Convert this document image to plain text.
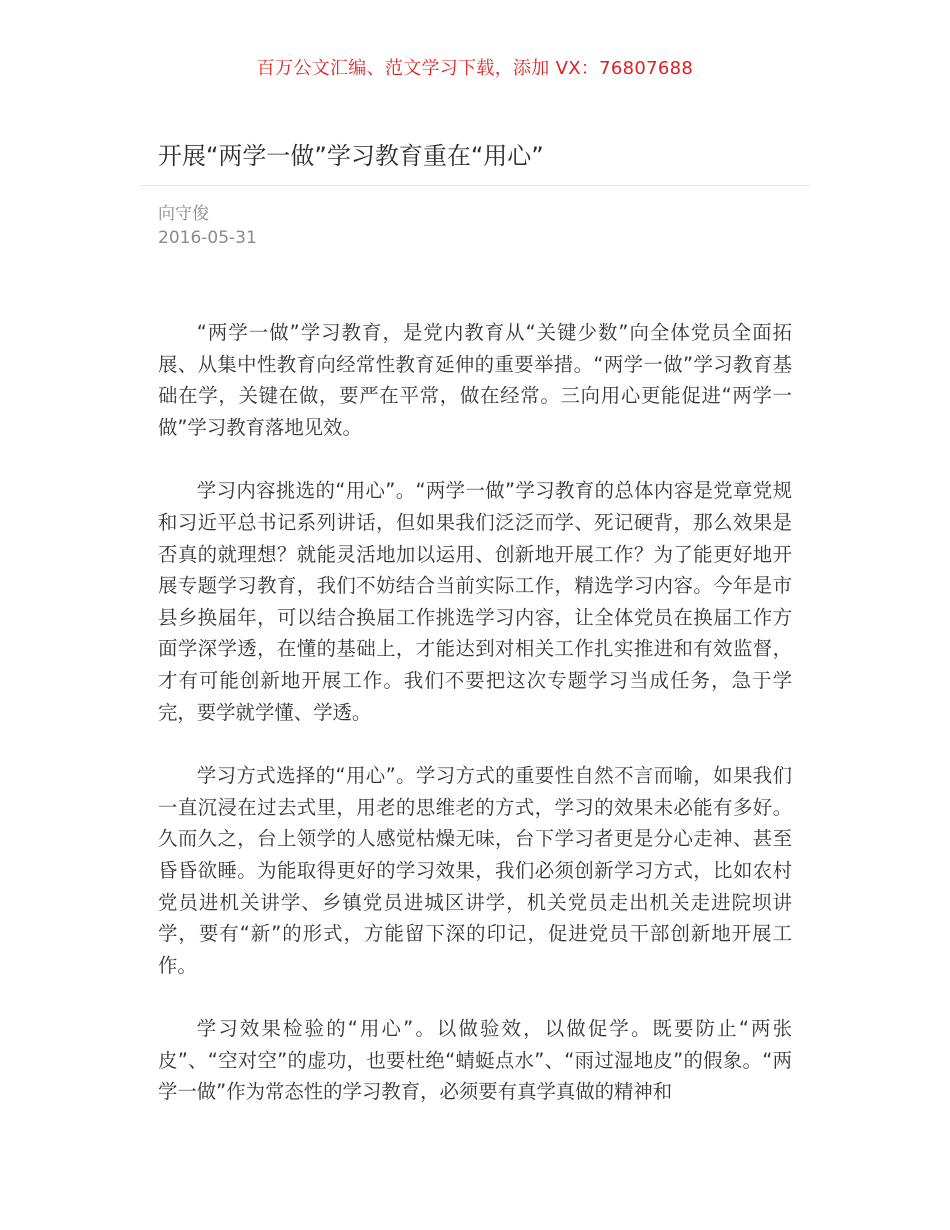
百万公文汇编、范文学习下载，添加 VX：76807688
开展“两学一做”学习教育重在“用心”
向守俊
2016-05-31

“两学一做”学习教育，是党内教育从“关键少数”向全体党员全面拓展、从集中性教育向经常性教育延伸的重要举措。“两学一做”学习教育基础在学，关键在做，要严在平常，做在经常。三向用心更能促进“两学一做”学习教育落地见效。

学习内容挑选的“用心”。“两学一做”学习教育的总体内容是党章党规和习近平总书记系列讲话，但如果我们泛泛而学、死记硬背，那么效果是否真的就理想？就能灵活地加以运用、创新地开展工作？为了能更好地开展专题学习教育，我们不妨结合当前实际工作，精选学习内容。今年是市县乡换届年，可以结合换届工作挑选学习内容，让全体党员在换届工作方面学深学透，在懂的基础上，才能达到对相关工作扎实推进和有效监督，才有可能创新地开展工作。我们不要把这次专题学习当成任务，急于学完，要学就学懂、学透。

学习方式选择的“用心”。学习方式的重要性自然不言而喻，如果我们一直沉浸在过去式里，用老的思维老的方式，学习的效果未必能有多好。久而久之，台上领学的人感觉枯燥无味，台下学习者更是分心走神、甚至昏昏欲睡。为能取得更好的学习效果，我们必须创新学习方式，比如农村党员进机关讲学、乡镇党员进城区讲学，机关党员走出机关走进院坝讲学，要有“新”的形式，方能留下深的印记，促进党员干部创新地开展工作。

学习效果检验的“用心”。以做验效，以做促学。既要防止“两张皮”、“空对空”的虚功，也要杜绝“蜻蜓点水”、“雨过湿地皮”的假象。“两学一做”作为常态性的学习教育，必须要有真学真做的精神和
